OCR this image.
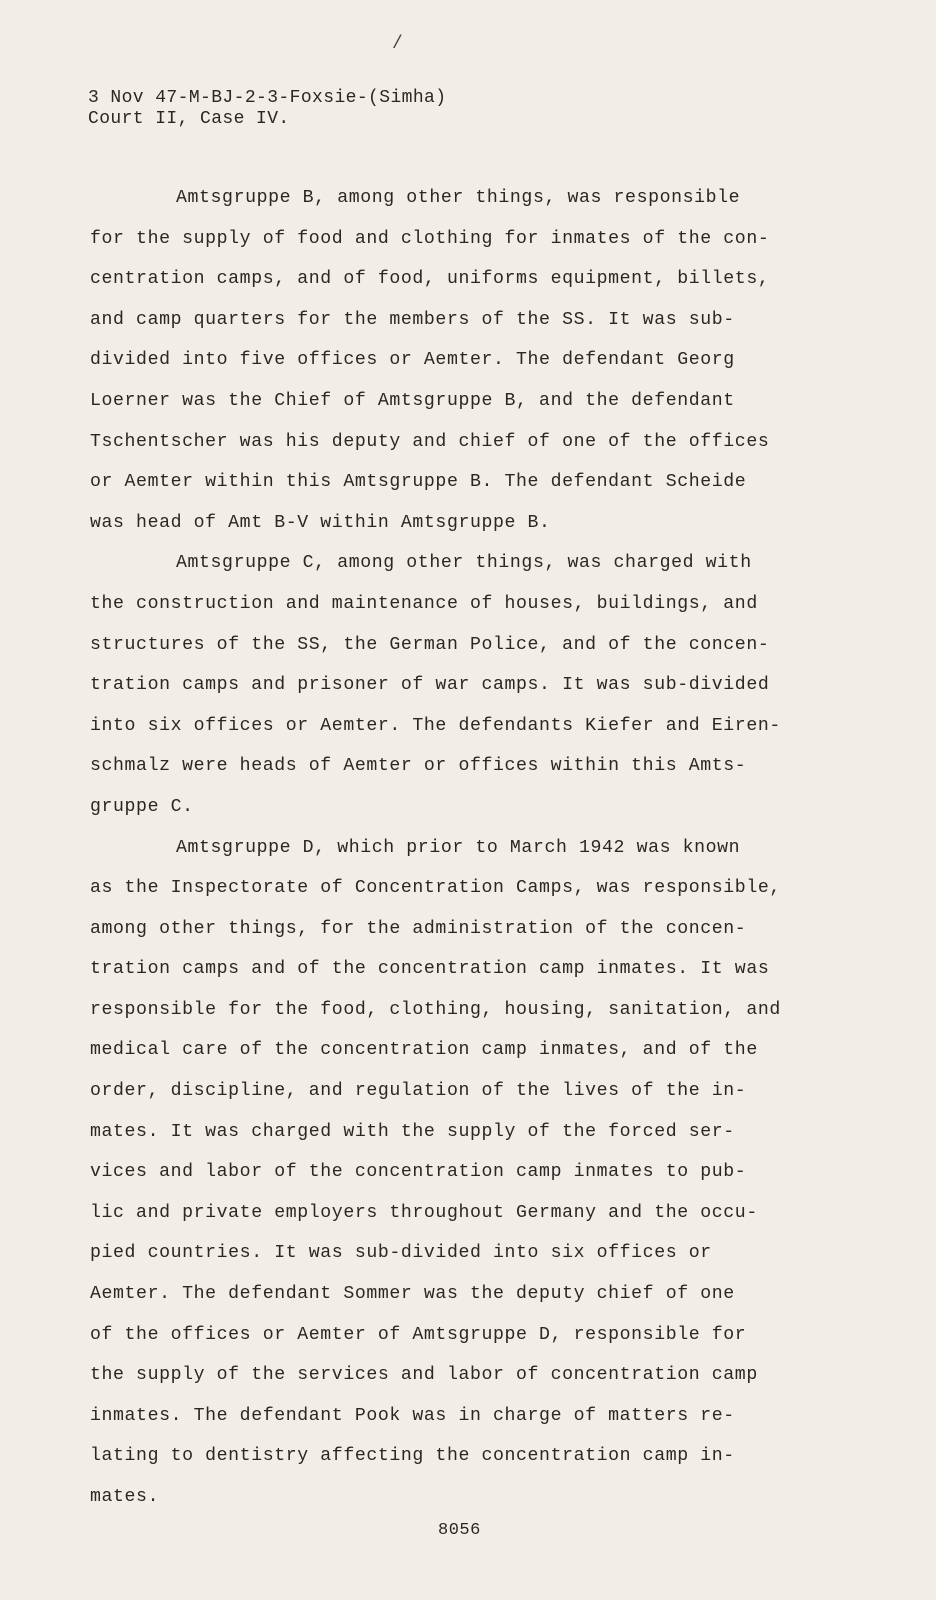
/
3 Nov 47-M-BJ-2-3-Foxsie-(Simha)
Court II, Case IV.
Amtsgruppe B, among other things, was responsible
for the supply of food and clothing for inmates of the con-
centration camps, and of food, uniforms equipment, billets,
and camp quarters for the members of the SS. It was sub-
divided into five offices or Aemter. The defendant Georg
Loerner was the Chief of Amtsgruppe B, and the defendant
Tschentscher was his deputy and chief of one of the offices
or Aemter within this Amtsgruppe B. The defendant Scheide
was head of Amt B-V within Amtsgruppe B.
Amtsgruppe C, among other things, was charged with
the construction and maintenance of houses, buildings, and
structures of the SS, the German Police, and of the concen-
tration camps and prisoner of war camps. It was sub-divided
into six offices or Aemter. The defendants Kiefer and Eiren-
schmalz were heads of Aemter or offices within this Amts-
gruppe C.
Amtsgruppe D, which prior to March 1942 was known
as the Inspectorate of Concentration Camps, was responsible,
among other things, for the administration of the concen-
tration camps and of the concentration camp inmates. It was
responsible for the food, clothing, housing, sanitation, and
medical care of the concentration camp inmates, and of the
order, discipline, and regulation of the lives of the in-
mates. It was charged with the supply of the forced ser-
vices and labor of the concentration camp inmates to pub-
lic and private employers throughout Germany and the occu-
pied countries. It was sub-divided into six offices or
Aemter. The defendant Sommer was the deputy chief of one
of the offices or Aemter of Amtsgruppe D, responsible for
the supply of the services and labor of concentration camp
inmates. The defendant Pook was in charge of matters re-
lating to dentistry affecting the concentration camp in-
mates.
8056
